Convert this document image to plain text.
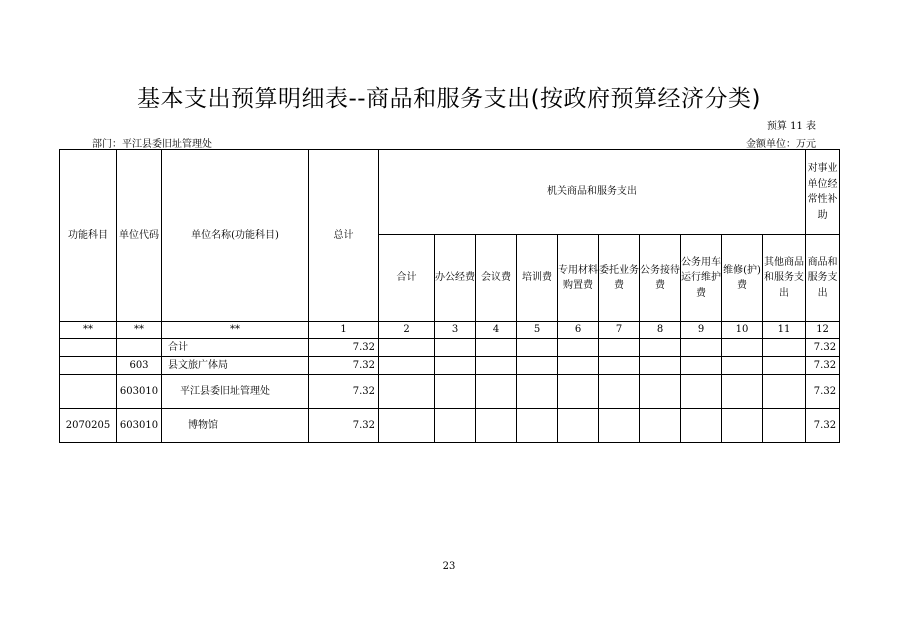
基本支出预算明细表--商品和服务支出(按政府预算经济分类)
预算 11 表
部门：平江县委旧址管理处	金额单位：万元
功能科目	单位代码	单位名称(功能科目)	总计	机关商品和服务支出										对事业单位经常性补助
				合计	办公经费	会议费	培训费	专用材料购置费	委托业务费	公务接待费	公务用车运行维护费	维修(护)费	其他商品和服务支出	商品和服务支出
**	**	**	1	2	3	4	5	6	7	8	9	10	11	12
		合计	7.32											7.32
	603	县文旅广体局	7.32											7.32
	603010	平江县委旧址管理处	7.32											7.32
2070205	603010	博物馆	7.32											7.32
23
